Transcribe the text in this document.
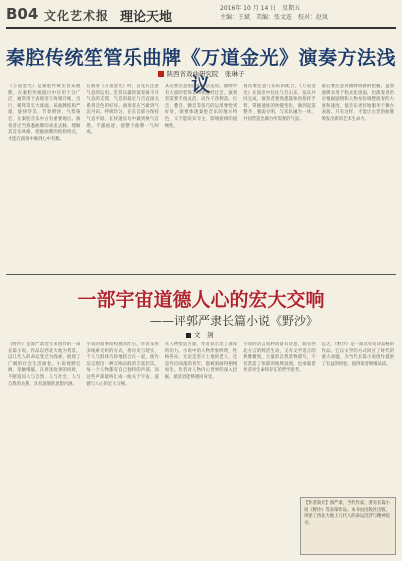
B04 文化艺术报 理论天地
2016年 10 月 14 日　星期五
主编：王斌　美编：张文连　校对：赵岚
秦腔传统笙管乐曲牌《万道金光》演奏方法浅议
陕西省戏曲研究院　张琳子
《万道金光》是秦腔传统笙管乐曲牌，在秦腔传统剧目中应用十分广泛，通常用于表现帝王将相升帐、出行、朝拜等宏大场面。该曲牌结构严谨，旋律华美，节奏明快，气势恢宏，在秦腔音乐中占有重要地位。演奏者应当熟悉曲牌的来龙去脉，理解其音乐风格，把握曲牌的结构特点，才能在演奏中做到心中有数。
在演奏《万道金光》时，首先应注意气息的运用。笙管乐器的演奏离不开气息的支撑，气息的稳定与否直接关系到音色的好坏。演奏者应当做到气沉丹田，呼吸均匀，在长音部分保持气息平稳，在快速乐句中做到换气自然，不露痕迹，使整个曲牌一气呵成。
其次要注意指法的灵活运用。曲牌中有大量的装饰音和快速经过音，演奏者需要手指灵活、动作干净利落。打音、叠音、颤音等技巧的运用要恰到好处，既要体现秦腔音乐的地方特色，又不能喧宾夺主，影响旋律的流畅性。
再次要注意与乐队的配合。《万道金光》在演出中往往与打击乐、弦乐共同完成，演奏者要熟悉鼓师的指挥手势，掌握速度的快慢变化，做到起落整齐、强弱分明，与乐队融为一体，共同营造出舞台所需要的气氛。
最后要注意对曲牌情感的把握。虽然曲牌多用于程式化场面，但演奏者仍应根据剧情和人物身份调整演奏的力度和速度，使音乐更好地服务于舞台表演。只有这样，才能让古老的曲牌焕发出新的艺术生命力。
一部宇宙道德人心的宏大交响
——评郭严隶长篇小说《野沙》
文　剑
《野沙》是郭严隶近年来创作的一部长篇小说。作品以西北大地为背景，以几代人的命运变迁为线索，展现了广阔的社会生活画卷。小说视野宏阔，笔触细腻，在讲述故事的同时，不断追问人与自然、人与社会、人与自我的关系，具有深刻的思想内涵。
小说的叙事结构独具匠心。作者采用多线索交织的方式，将历史与现实、个人与群体巧妙地结合在一起，使作品呈现出一种交响乐般的丰富层次。每一个人物都有自己独特的声部，而这些声部最终汇成一曲关于宇宙、道德与人心的宏大交响。
在人物塑造方面，作者显示出了深厚的功力。小说中的人物形象鲜明，性格各异，无论是坚守土地的老人，还是外出闯荡的青年，都被刻画得栩栩如生。作者对人物内心世界的深入挖掘，使读者能够感同身受。
小说的语言质朴而富有诗意，既有西北方言的鲜活生动，又有文学语言的典雅精致。大量的自然景物描写，不仅营造了浓郁的地域氛围，也承载着作者对生命和存在的哲学思考。
总之，《野沙》是一部具有史诗品格的作品。它以文学的方式回应了时代的重大命题，为当代长篇小说创作提供了有益的经验，值得读者细细品读。
【作者简介】郭严隶，当代作家，著有长篇小说《野沙》等多部作品。本书由出版社出版，讲述了西北大地上几代人的命运沉浮与精神追寻。
